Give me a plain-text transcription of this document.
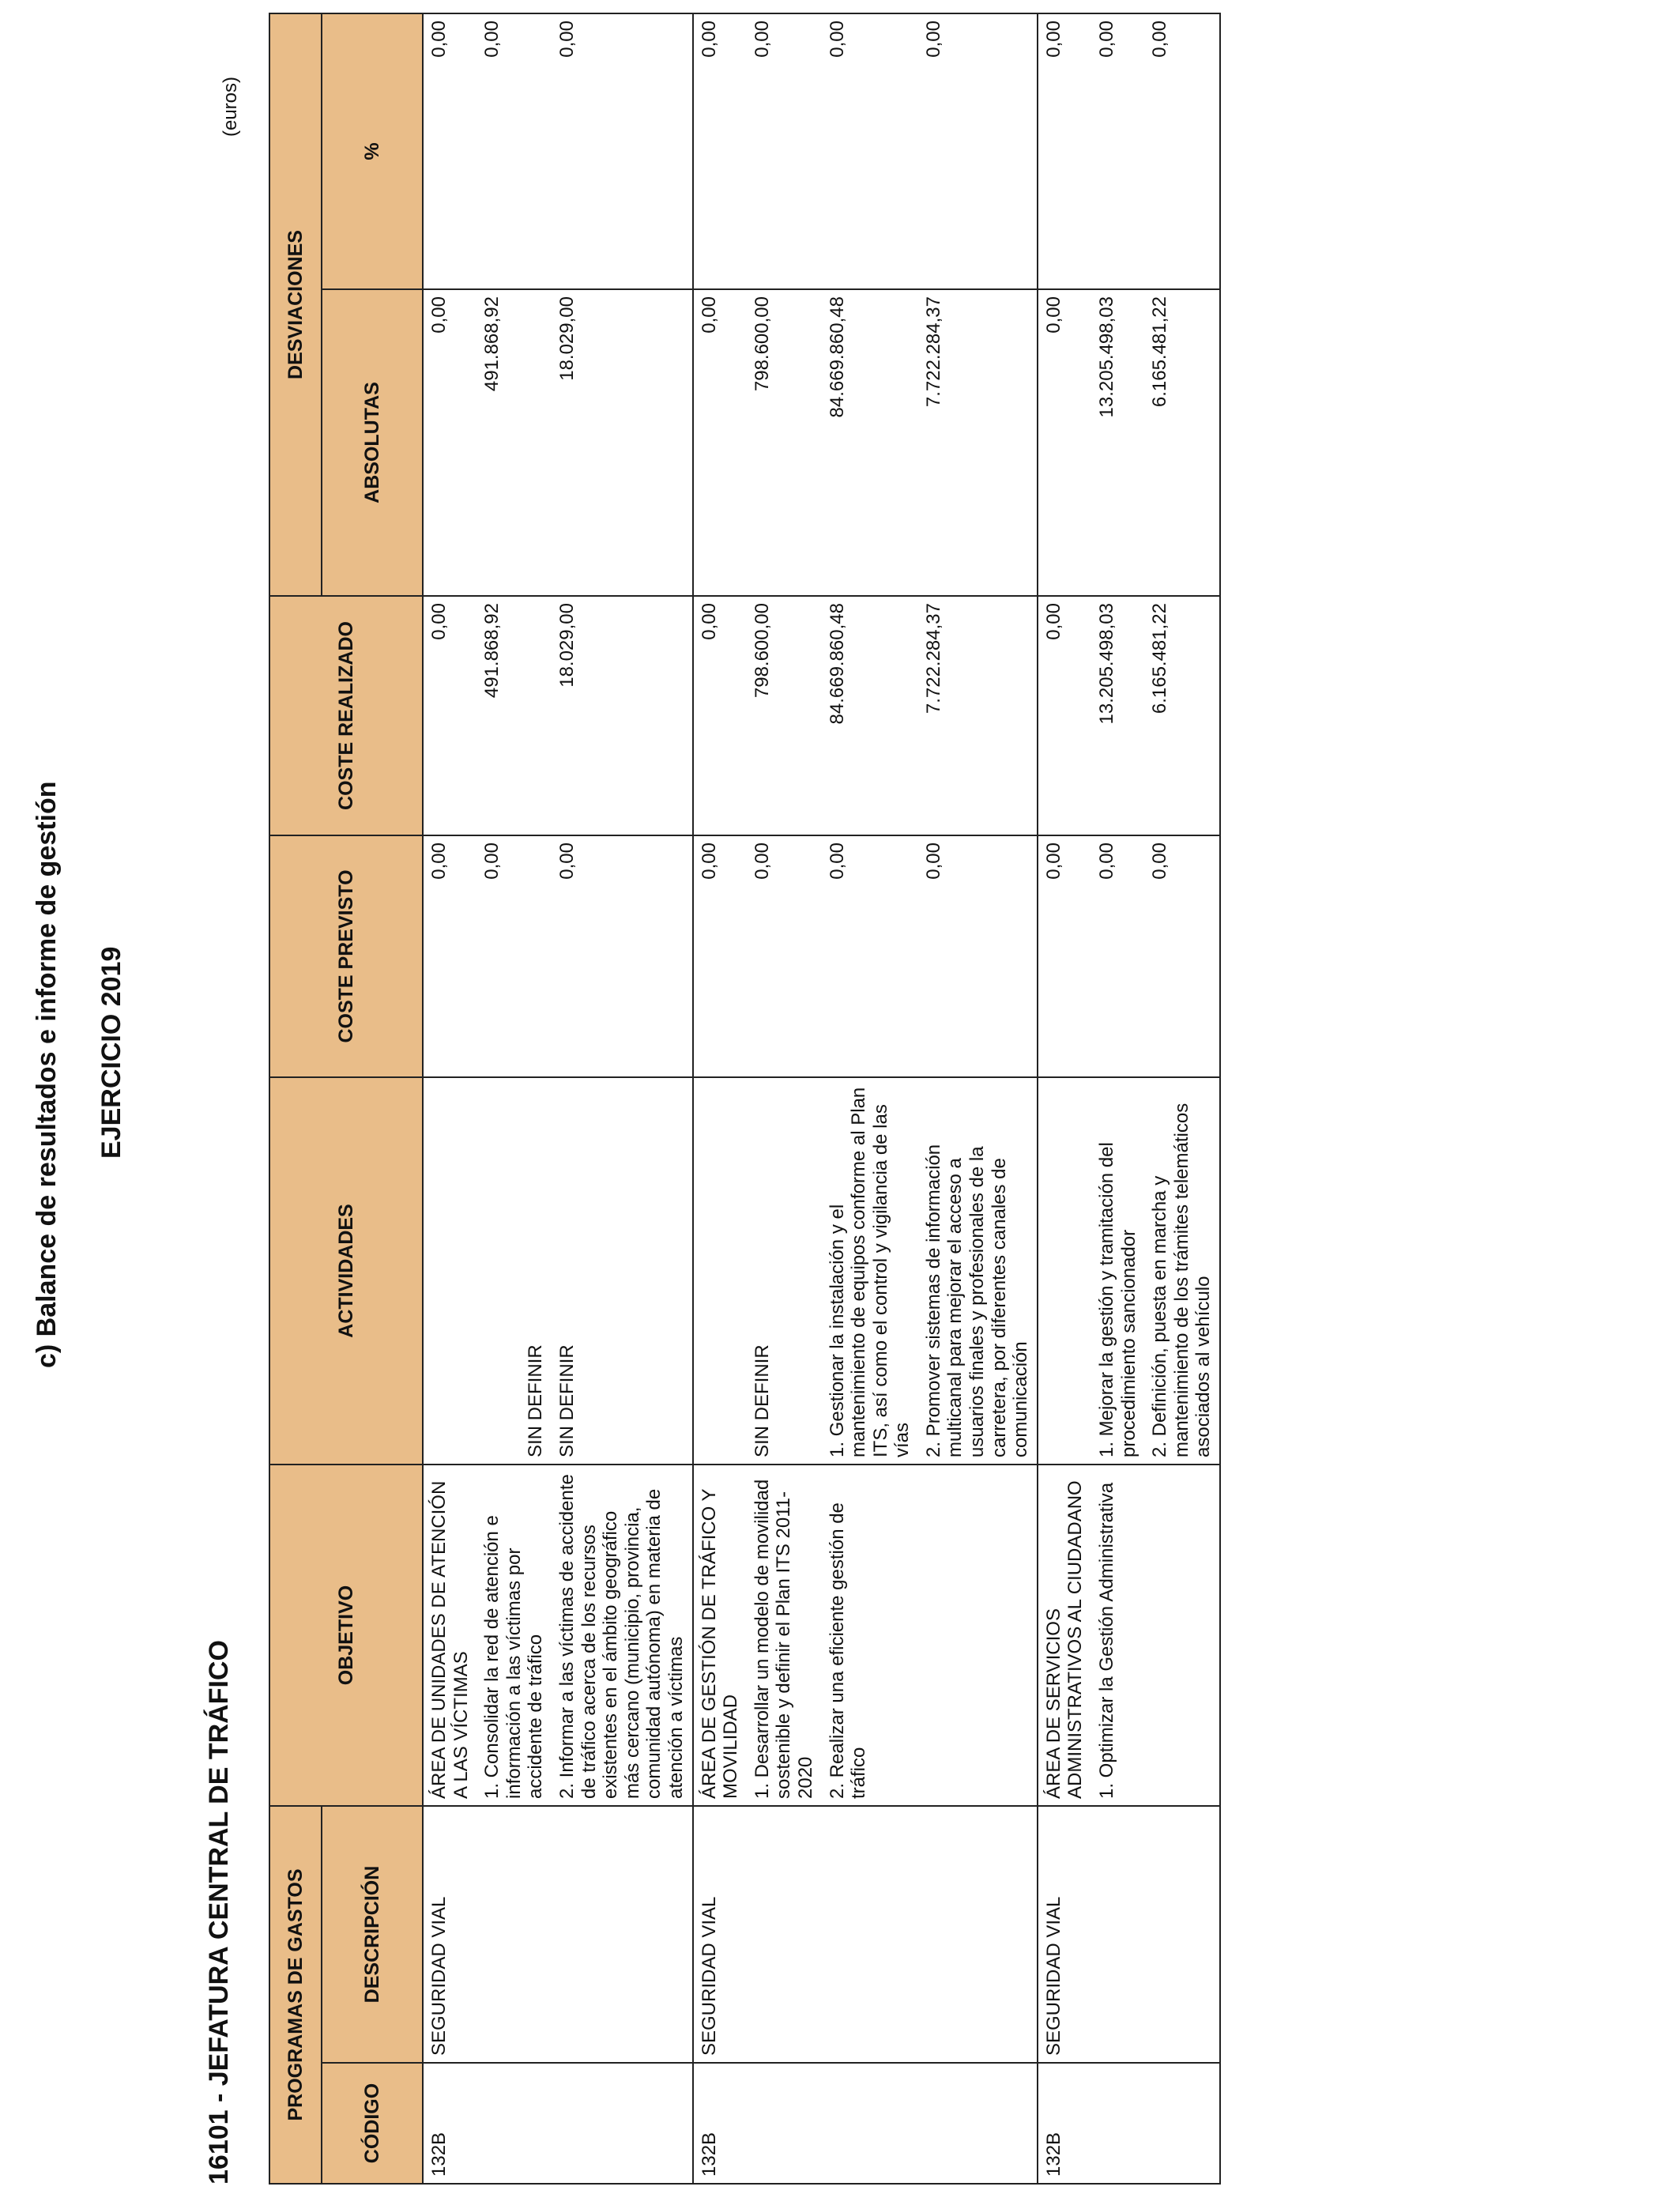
c) Balance de resultados e informe de gestión EJERCICIO 2019
16101 - JEFATURA CENTRAL DE TRÁFICO
(euros)
PROGRAMAS DE GASTOS		OBJETIVO	ACTIVIDADES	COSTE PREVISTO	COSTE REALIZADO	DESVIACIONES	
CÓDIGO	DESCRIPCIÓN					ABSOLUTAS	%
132B	SEGURIDAD VIAL	ÁREA DE UNIDADES DE ATENCIÓN A LAS VÍCTIMAS		0,00	0,00	0,00	0,00
		1. Consolidar la red de atención e información a las víctimas por accidente de tráfico	SIN DEFINIR	0,00	491.868,92	491.868,92	0,00
		2. Informar a las víctimas de accidente de tráfico acerca de los recursos existentes en el ámbito geográfico más cercano (municipio, provincia, comunidad autónoma) en materia de atención a víctimas	SIN DEFINIR	0,00	18.029,00	18.029,00	0,00
132B	SEGURIDAD VIAL	ÁREA DE GESTIÓN DE TRÁFICO Y MOVILIDAD		0,00	0,00	0,00	0,00
		1. Desarrollar un modelo de movilidad sostenible y definir el Plan ITS 2011-2020	SIN DEFINIR	0,00	798.600,00	798.600,00	0,00
		2. Realizar una eficiente gestión de tráfico	1. Gestionar la instalación y el mantenimiento de equipos conforme al Plan ITS, así como el control y vigilancia de las vías	0,00	84.669.860,48	84.669.860,48	0,00
			2. Promover sistemas de información multicanal para mejorar el acceso a usuarios finales y profesionales de la carretera, por diferentes canales de comunicación	0,00	7.722.284,37	7.722.284,37	0,00
132B	SEGURIDAD VIAL	ÁREA DE SERVICIOS ADMINISTRATIVOS AL CIUDADANO		0,00	0,00	0,00	0,00
		1. Optimizar la Gestión Administrativa	1. Mejorar la gestión y tramitación del procedimiento sancionador	0,00	13.205.498,03	13.205.498,03	0,00
			2. Definición, puesta en marcha y mantenimiento de los trámites telemáticos asociados al vehículo	0,00	6.165.481,22	6.165.481,22	0,00
